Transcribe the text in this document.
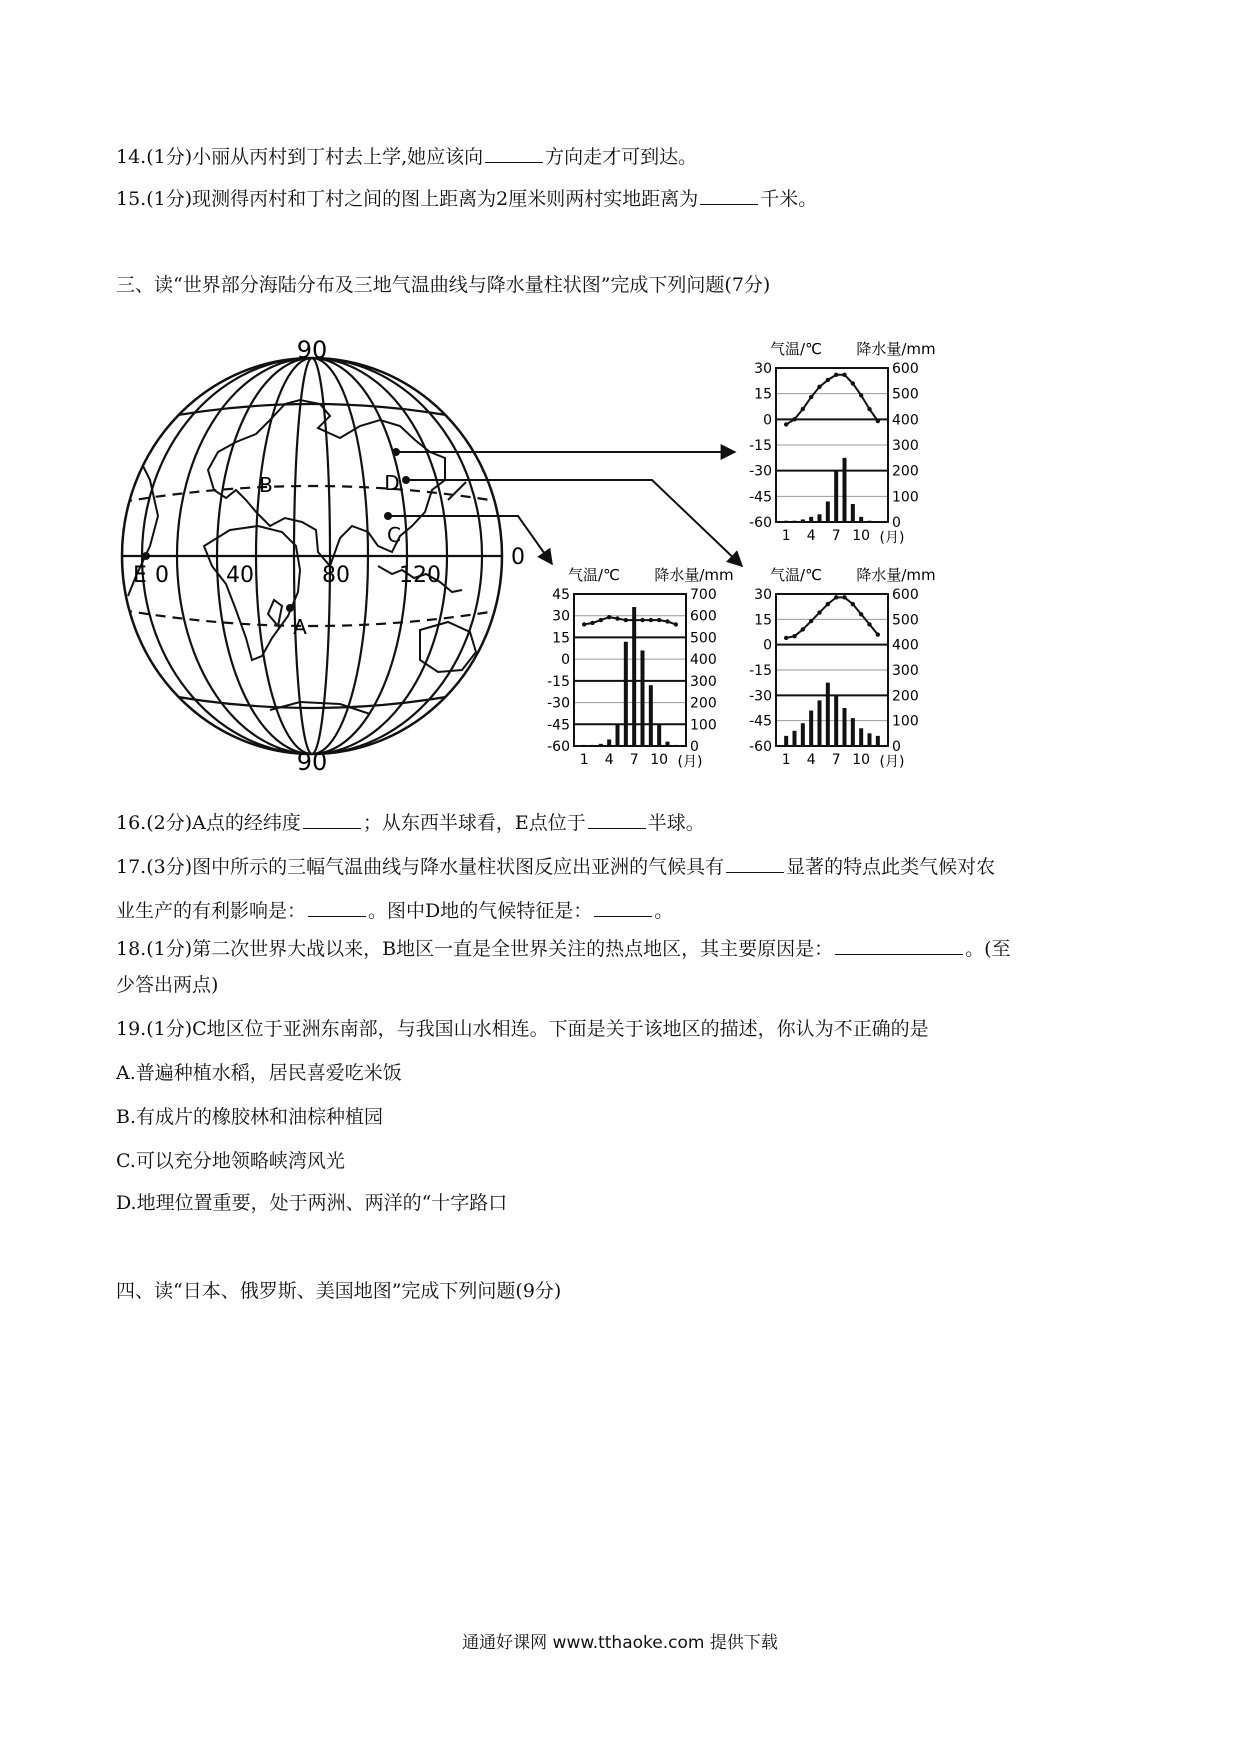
14.(1分)小丽从丙村到丁村去上学,她应该向	方向走才可到达。
15.(1分)现测得丙村和丁村之间的图上距离为2厘米则两村实地距离为	千米。
三、读“世界部分海陆分布及三地气温曲线与降水量柱状图”完成下列问题(7分)
90
90
0
0	40	80 120
E
A
B
C
D
气温/℃ 降水量/mm
30
15
0
-15
-30
-45
-60
600
500
400
300
200
100
0
1 4 7 10 (月)
气温/℃ 降水量/mm
45
30
15
0
-15
-30
-45
-60
700
600
500
400
300
200
100
0
1 4 7 10 (月)
气温/℃ 降水量/mm
30
15
0
-15
-30
-45
-60
600
500
400
300
200
100
0
1 4 7 10 (月)
16.(2分)A点的经纬度	；从东西半球看，E点位于	半球。
17.(3分)图中所示的三幅气温曲线与降水量柱状图反应出亚洲的气候具有	显著的特点此类气候对农
业生产的有利影响是：	。图中D地的气候特征是：	。
18.(1分)第二次世界大战以来，B地区一直是全世界关注的热点地区，其主要原因是：	。(至
少答出两点)
19.(1分)C地区位于亚洲东南部，与我国山水相连。下面是关于该地区的描述，你认为不正确的是
A.普遍种植水稻，居民喜爱吃米饭
B.有成片的橡胶林和油棕种植园
C.可以充分地领略峡湾风光
D.地理位置重要，处于两洲、两洋的“十字路口
四、读“日本、俄罗斯、美国地图”完成下列问题(9分)
通通好课网 www.tthaoke.com 提供下载
